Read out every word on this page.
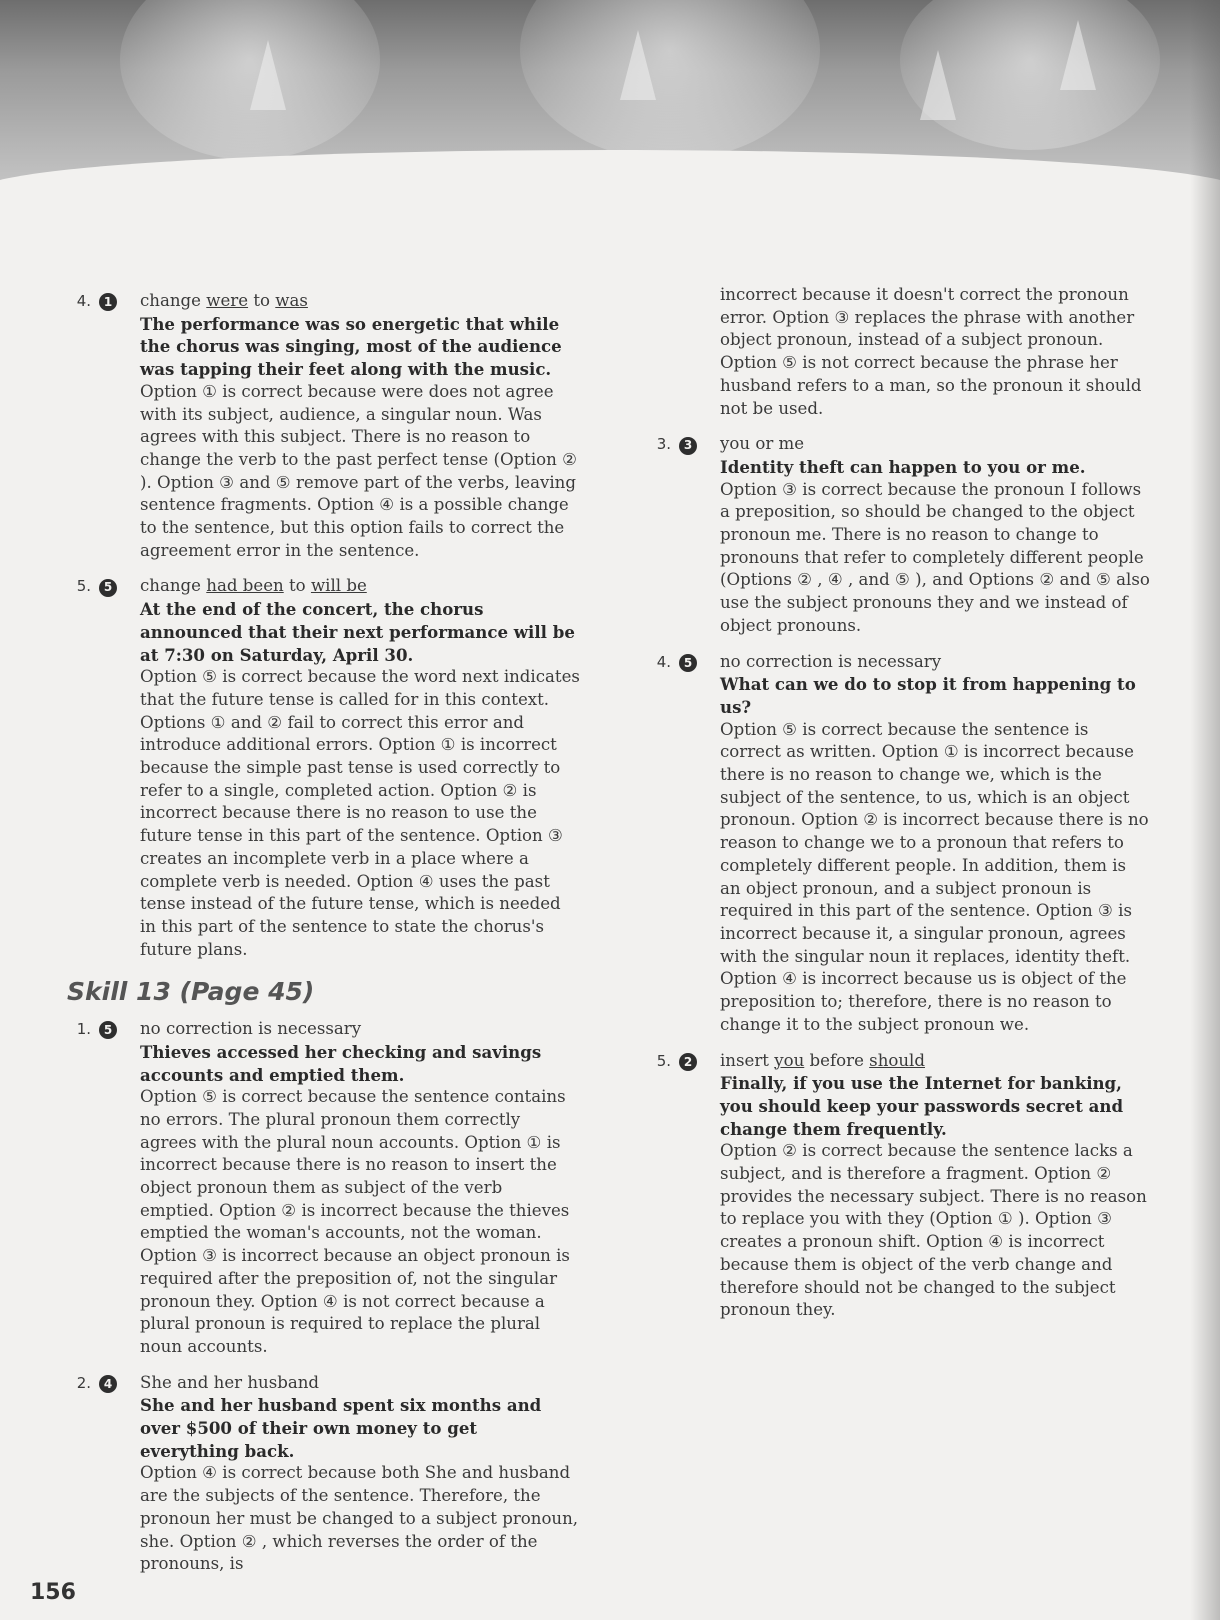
4.	1 change were to was
The performance was so energetic that while the chorus was singing, most of the audience was tapping their feet along with the music.
Option ① is correct because were does not agree with its subject, audience, a singular noun. Was agrees with this subject. There is no reason to change the verb to the past perfect tense (Option ② ). Option ③ and ⑤ remove part of the verbs, leaving sentence fragments. Option ④ is a possible change to the sentence, but this option fails to correct the agreement error in the sentence.
5.	5 change had been to will be
At the end of the concert, the chorus announced that their next performance will be at 7:30 on Saturday, April 30.
Option ⑤ is correct because the word next indicates that the future tense is called for in this context. Options ① and ② fail to correct this error and introduce additional errors. Option ① is incorrect because the simple past tense is used correctly to refer to a single, completed action. Option ② is incorrect because there is no reason to use the future tense in this part of the sentence. Option ③ creates an incomplete verb in a place where a complete verb is needed. Option ④ uses the past tense instead of the future tense, which is needed in this part of the sentence to state the chorus's future plans.
Skill 13 (Page 45)
1.	5 no correction is necessary
Thieves accessed her checking and savings accounts and emptied them.
Option ⑤ is correct because the sentence contains no errors. The plural pronoun them correctly agrees with the plural noun accounts. Option ① is incorrect because there is no reason to insert the object pronoun them as subject of the verb emptied. Option ② is incorrect because the thieves emptied the woman's accounts, not the woman. Option ③ is incorrect because an object pronoun is required after the preposition of, not the singular pronoun they. Option ④ is not correct because a plural pronoun is required to replace the plural noun accounts.
2.	4 She and her husband
She and her husband spent six months and over $500 of their own money to get everything back.
Option ④ is correct because both She and husband are the subjects of the sentence. Therefore, the pronoun her must be changed to a subject pronoun, she. Option ② , which reverses the order of the pronouns, is
incorrect because it doesn't correct the pronoun error. Option ③ replaces the phrase with another object pronoun, instead of a subject pronoun. Option ⑤ is not correct because the phrase her husband refers to a man, so the pronoun it should not be used.
3.	3 you or me
Identity theft can happen to you or me.
Option ③ is correct because the pronoun I follows a preposition, so should be changed to the object pronoun me. There is no reason to change to pronouns that refer to completely different people (Options ② , ④ , and ⑤ ), and Options ② and ⑤ also use the subject pronouns they and we instead of object pronouns.
4.	5 no correction is necessary
What can we do to stop it from happening to us?
Option ⑤ is correct because the sentence is correct as written. Option ① is incorrect because there is no reason to change we, which is the subject of the sentence, to us, which is an object pronoun. Option ② is incorrect because there is no reason to change we to a pronoun that refers to completely different people. In addition, them is an object pronoun, and a subject pronoun is required in this part of the sentence. Option ③ is incorrect because it, a singular pronoun, agrees with the singular noun it replaces, identity theft. Option ④ is incorrect because us is object of the preposition to; therefore, there is no reason to change it to the subject pronoun we.
5.	2 insert you before should
Finally, if you use the Internet for banking, you should keep your passwords secret and change them frequently.
Option ② is correct because the sentence lacks a subject, and is therefore a fragment. Option ② provides the necessary subject. There is no reason to replace you with they (Option ① ). Option ③ creates a pronoun shift. Option ④ is incorrect because them is object of the verb change and therefore should not be changed to the subject pronoun they.
156
